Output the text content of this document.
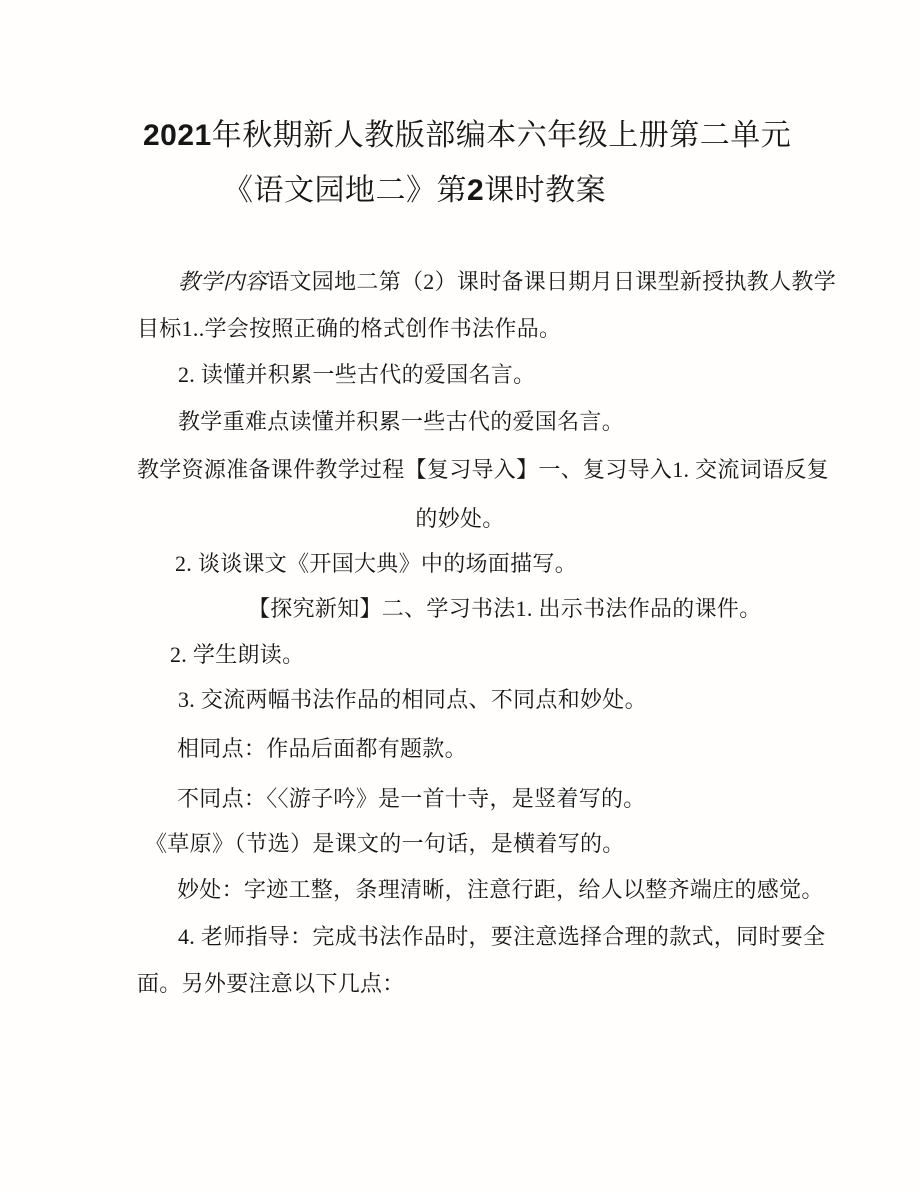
2021年秋期新人教版部编本六年级上册第二单元
《语文园地二》第2课时教案
教学内容语文园地二第（2）课时备课日期月日课型新授执教人教学
目标1..学会按照正确的格式创作书法作品。
2. 读懂并积累一些古代的爱国名言。
教学重难点读懂并积累一些古代的爱国名言。
教学资源准备课件教学过程【复习导入】一、复习导入1. 交流词语反复
的妙处。
2. 谈谈课文《开国大典》中的场面描写。
【探究新知】二、学习书法1. 出示书法作品的课件。
2. 学生朗读。
3. 交流两幅书法作品的相同点、不同点和妙处。
相同点：作品后面都有题款。
不同点：〈〈游子吟》是一首十寺，是竖着写的。
《草原》（节选）是课文的一句话，是横着写的。
妙处：字迹工整，条理清晰，注意行距，给人以整齐端庄的感觉。
4. 老师指导：完成书法作品时，要注意选择合理的款式，同时要全
面。另外要注意以下几点：
